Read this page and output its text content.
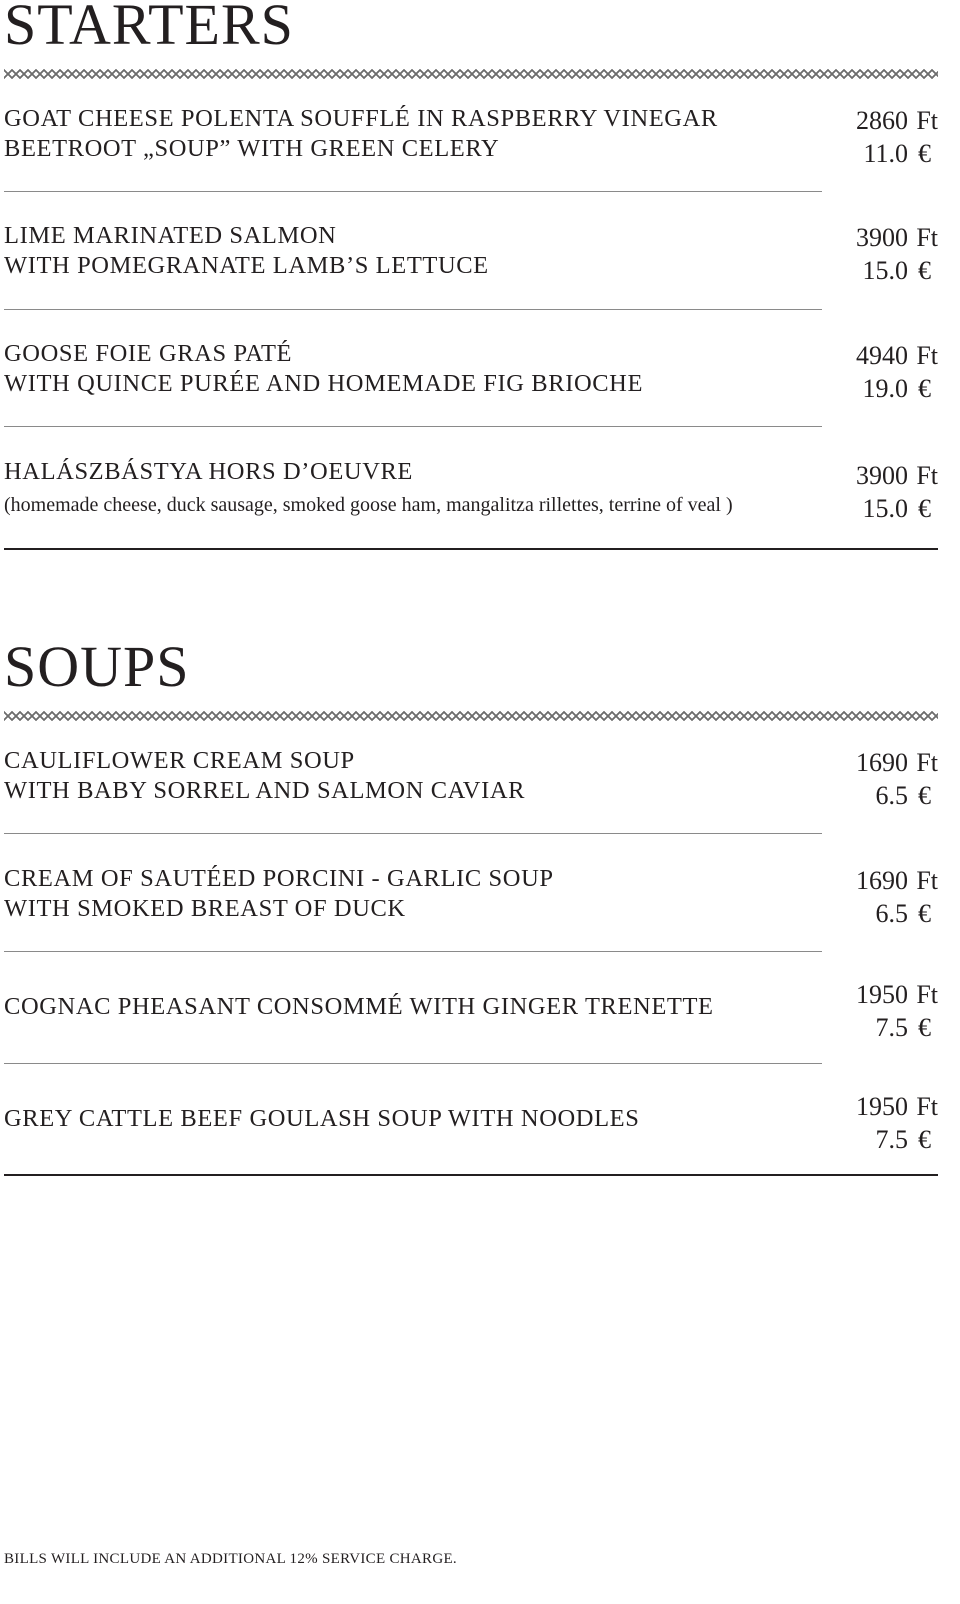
STARTERS
GOAT CHEESE POLENTA SOUFFLÉ IN RASPBERRY VINEGAR
BEETROOT „SOUP” WITH GREEN CELERY
2860 Ft
11.0 €
LIME MARINATED SALMON
WITH POMEGRANATE LAMB’S LETTUCE
3900 Ft
15.0 €
GOOSE FOIE GRAS PATÉ
WITH QUINCE PURÉE AND HOMEMADE FIG BRIOCHE
4940 Ft
19.0 €
HALÁSZBÁSTYA HORS D’OEUVRE
(homemade cheese, duck sausage, smoked goose ham, mangalitza rillettes, terrine of veal )
3900 Ft
15.0 €
SOUPS
CAULIFLOWER CREAM SOUP
WITH BABY SORREL AND SALMON CAVIAR
1690 Ft
6.5 €
CREAM OF SAUTÉED PORCINI - GARLIC SOUP
WITH SMOKED BREAST OF DUCK
1690 Ft
6.5 €
COGNAC PHEASANT CONSOMMÉ WITH GINGER TRENETTE	1950 Ft
7.5 €
GREY CATTLE BEEF GOULASH SOUP WITH NOODLES	1950 Ft
7.5 €
BILLS WILL INCLUDE AN ADDITIONAL 12% SERVICE CHARGE.
